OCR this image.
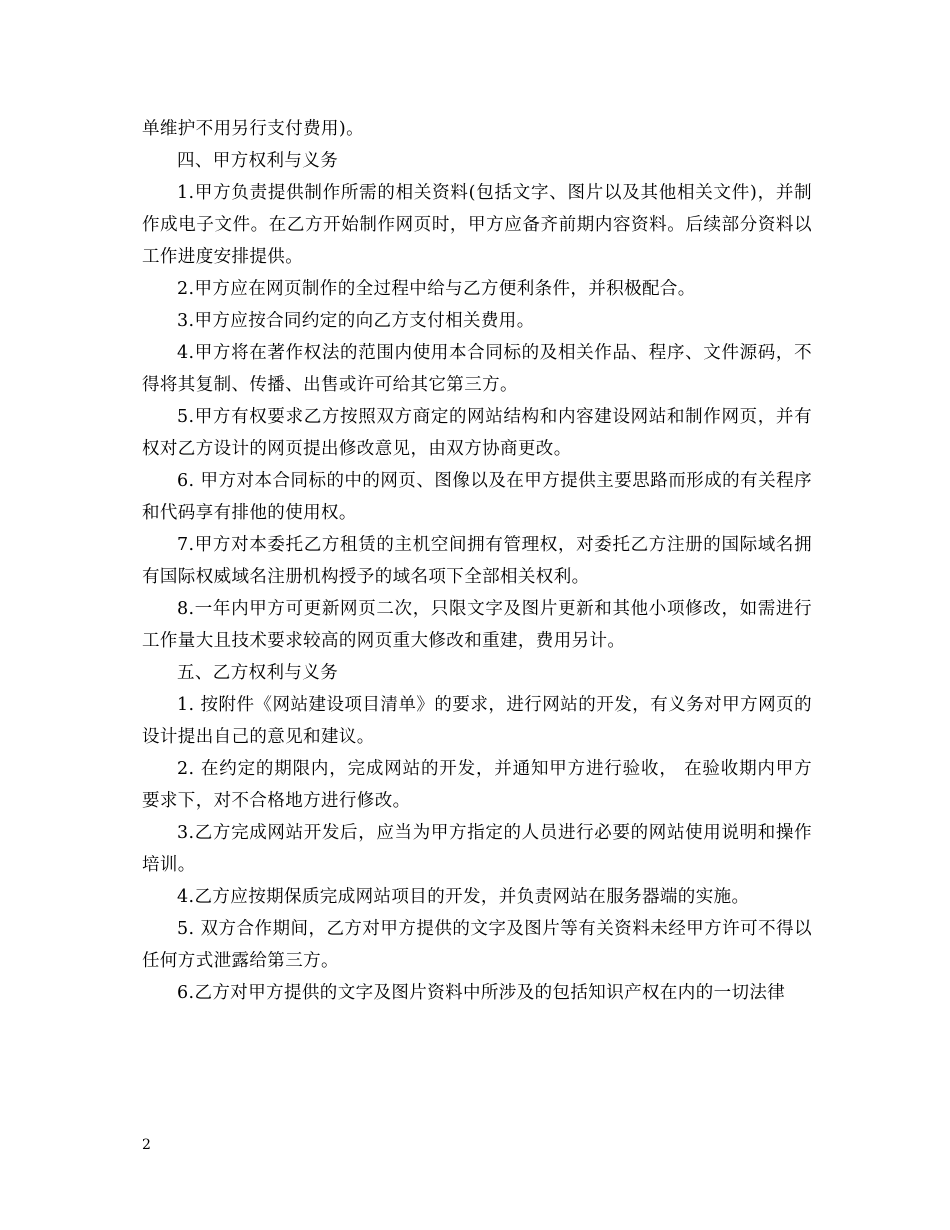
单维护不用另行支付费用)。

四、甲方权利与义务

1.甲方负责提供制作所需的相关资料(包括文字、图片以及其他相关文件)，并制作成电子文件。在乙方开始制作网页时，甲方应备齐前期内容资料。后续部分资料以工作进度安排提供。

2.甲方应在网页制作的全过程中给与乙方便利条件，并积极配合。

3.甲方应按合同约定的向乙方支付相关费用。

4.甲方将在著作权法的范围内使用本合同标的及相关作品、程序、文件源码，不得将其复制、传播、出售或许可给其它第三方。

5.甲方有权要求乙方按照双方商定的网站结构和内容建设网站和制作网页，并有权对乙方设计的网页提出修改意见，由双方协商更改。

6. 甲方对本合同标的中的网页、图像以及在甲方提供主要思路而形成的有关程序和代码享有排他的使用权。

7.甲方对本委托乙方租赁的主机空间拥有管理权，对委托乙方注册的国际域名拥有国际权威域名注册机构授予的域名项下全部相关权利。

8.一年内甲方可更新网页二次，只限文字及图片更新和其他小项修改，如需进行工作量大且技术要求较高的网页重大修改和重建，费用另计。

五、乙方权利与义务

1. 按附件《网站建设项目清单》的要求，进行网站的开发，有义务对甲方网页的设计提出自己的意见和建议。

2. 在约定的期限内，完成网站的开发，并通知甲方进行验收， 在验收期内甲方要求下，对不合格地方进行修改。

3.乙方完成网站开发后，应当为甲方指定的人员进行必要的网站使用说明和操作培训。

4.乙方应按期保质完成网站项目的开发，并负责网站在服务器端的实施。

5. 双方合作期间，乙方对甲方提供的文字及图片等有关资料未经甲方许可不得以任何方式泄露给第三方。

6.乙方对甲方提供的文字及图片资料中所涉及的包括知识产权在内的一切法律

2
